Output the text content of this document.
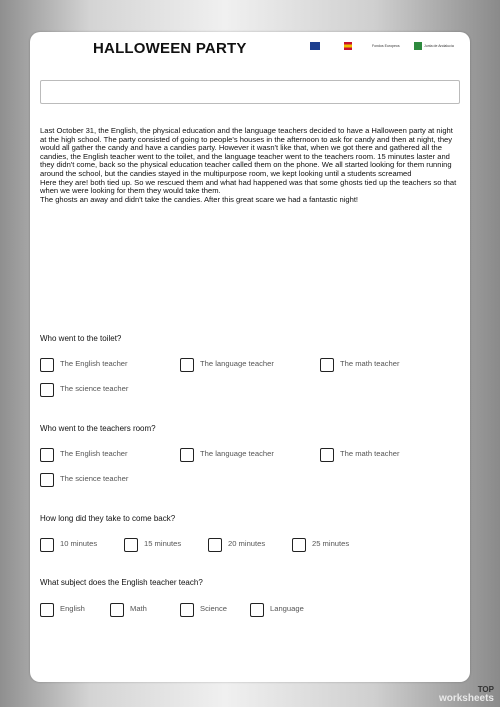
HALLOWEEN PARTY	Fondos Europeos	Junta de Andalucía

Last October 31, the English, the physical education and the language teachers decided to have a Halloween party at night at the high school. The party consisted of going to people's houses in the afternoon to ask for candy and then at night, they would all gather the candy and have a candies party. However it wasn't like that, when we got there and gathered all the candies, the English teacher went to the toilet, and the language teacher went to the teachers room. 15 minutes laster and they didn't come, back so the physical education teacher called them on the phone. We all started looking for them running around the school, but the candies stayed in the multipurpose room, we kept looking until a students screamed

Here they are! both tied up. So we rescued them and what had happened was that some ghosts tied up the teachers so that when we were looking for them they would take them.

The ghosts an away and didn't take the candies. After this great scare we had a fantastic night!

Who went to the toilet?
The English teacher	The language teacher	The math teacher
The science teacher
Who went to the teachers room?
The English teacher	The language teacher	The math teacher
The science teacher
How long did they take to come back?
10 minutes	15 minutes	20 minutes	25 minutes
What subject does the English teacher teach?
English	Math	Science	Language
TOP
worksheets
